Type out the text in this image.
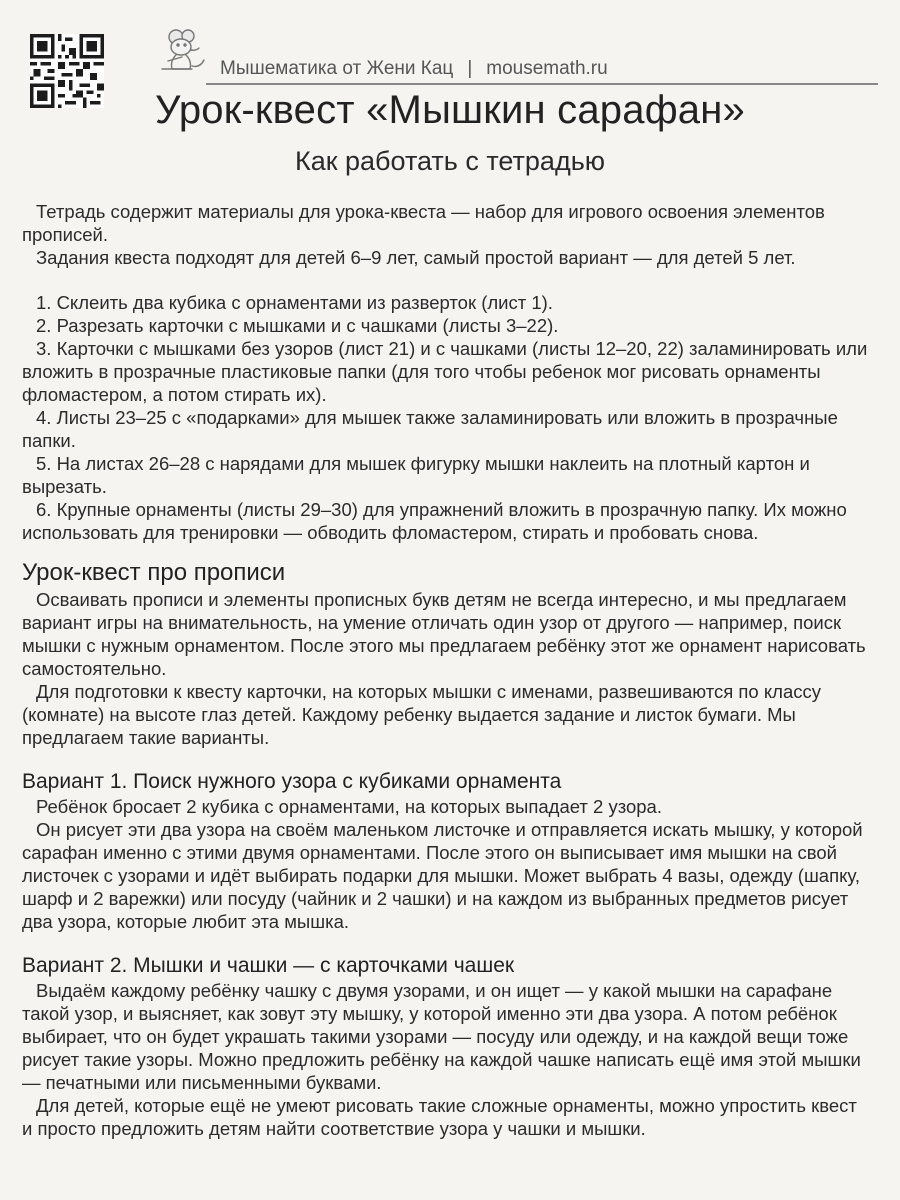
Мышематика от Жени Кац | mousemath.ru
Урок-квест «Мышкин сарафан»
Как работать с тетрадью

Тетрадь содержит материалы для урока-квеста — набор для игрового освоения элементов прописей.

Задания квеста подходят для детей 6–9 лет, самый простой вариант — для детей 5 лет.

1. Склеить два кубика с орнаментами из разверток (лист 1).

2. Разрезать карточки с мышками и с чашками (листы 3–22).

3. Карточки с мышками без узоров (лист 21) и с чашками (листы 12–20, 22) заламинировать или вложить в прозрачные пластиковые папки (для того чтобы ребенок мог рисовать орнаменты фломастером, а потом стирать их).

4. Листы 23–25 с «подарками» для мышек также заламинировать или вложить в прозрачные папки.

5. На листах 26–28 с нарядами для мышек фигурку мышки наклеить на плотный картон и вырезать.

6. Крупные орнаменты (листы 29–30) для упражнений вложить в прозрачную папку. Их можно использовать для тренировки — обводить фломастером, стирать и пробовать снова.

Урок-квест про прописи

Осваивать прописи и элементы прописных букв детям не всегда интересно, и мы предлагаем вариант игры на внимательность, на умение отличать один узор от другого — например, поиск мышки с нужным орнаментом. После этого мы предлагаем ребёнку этот же орнамент нарисовать самостоятельно.

Для подготовки к квесту карточки, на которых мышки с именами, развешиваются по классу (комнате) на высоте глаз детей. Каждому ребенку выдается задание и листок бумаги. Мы предлагаем такие варианты.

Вариант 1. Поиск нужного узора с кубиками орнамента

Ребёнок бросает 2 кубика с орнаментами, на которых выпадает 2 узора.

Он рисует эти два узора на своём маленьком листочке и отправляется искать мышку, у которой сарафан именно с этими двумя орнаментами. После этого он выписывает имя мышки на свой листочек с узорами и идёт выбирать подарки для мышки. Может выбрать 4 вазы, одежду (шапку, шарф и 2 варежки) или посуду (чайник и 2 чашки) и на каждом из выбранных предметов рисует два узора, которые любит эта мышка.

Вариант 2. Мышки и чашки — с карточками чашек

Выдаём каждому ребёнку чашку с двумя узорами, и он ищет — у какой мышки на сарафане такой узор, и выясняет, как зовут эту мышку, у которой именно эти два узора. А потом ребёнок выбирает, что он будет украшать такими узорами — посуду или одежду, и на каждой вещи тоже рисует такие узоры. Можно предложить ребёнку на каждой чашке написать ещё имя этой мышки — печатными или письменными буквами.

Для детей, которые ещё не умеют рисовать такие сложные орнаменты, можно упростить квест и просто предложить детям найти соответствие узора у чашки и мышки.
